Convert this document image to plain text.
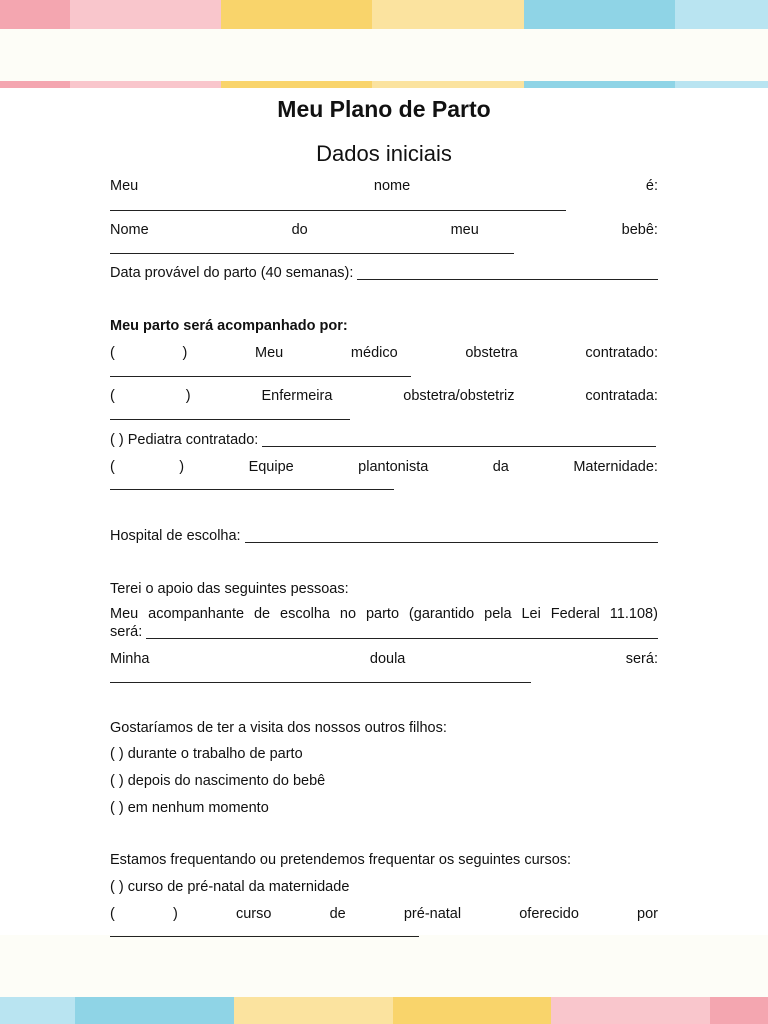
Meu Plano de Parto
Dados iniciais
Meu	nome	é:
Nome	do	meu	bebê:
Data provável do parto (40 semanas):
Meu parto será acompanhado por:
(	)	Meu	médico	obstetra	contratado:
(	)	Enfermeira	obstetra/obstetriz	contratada:
( ) Pediatra contratado:
(	)	Equipe	plantonista	da	Maternidade:
Hospital de escolha:
Terei o apoio das seguintes pessoas:
Meu acompanhante de escolha no parto (garantido pela Lei Federal 11.108)
será:
Minha	doula	será:
Gostaríamos de ter a visita dos nossos outros filhos:
( ) durante o trabalho de parto
( ) depois do nascimento do bebê
( ) em nenhum momento
Estamos frequentando ou pretendemos frequentar os seguintes cursos:
( ) curso de pré-natal da maternidade
(	)	curso	de	pré-natal	oferecido	por
